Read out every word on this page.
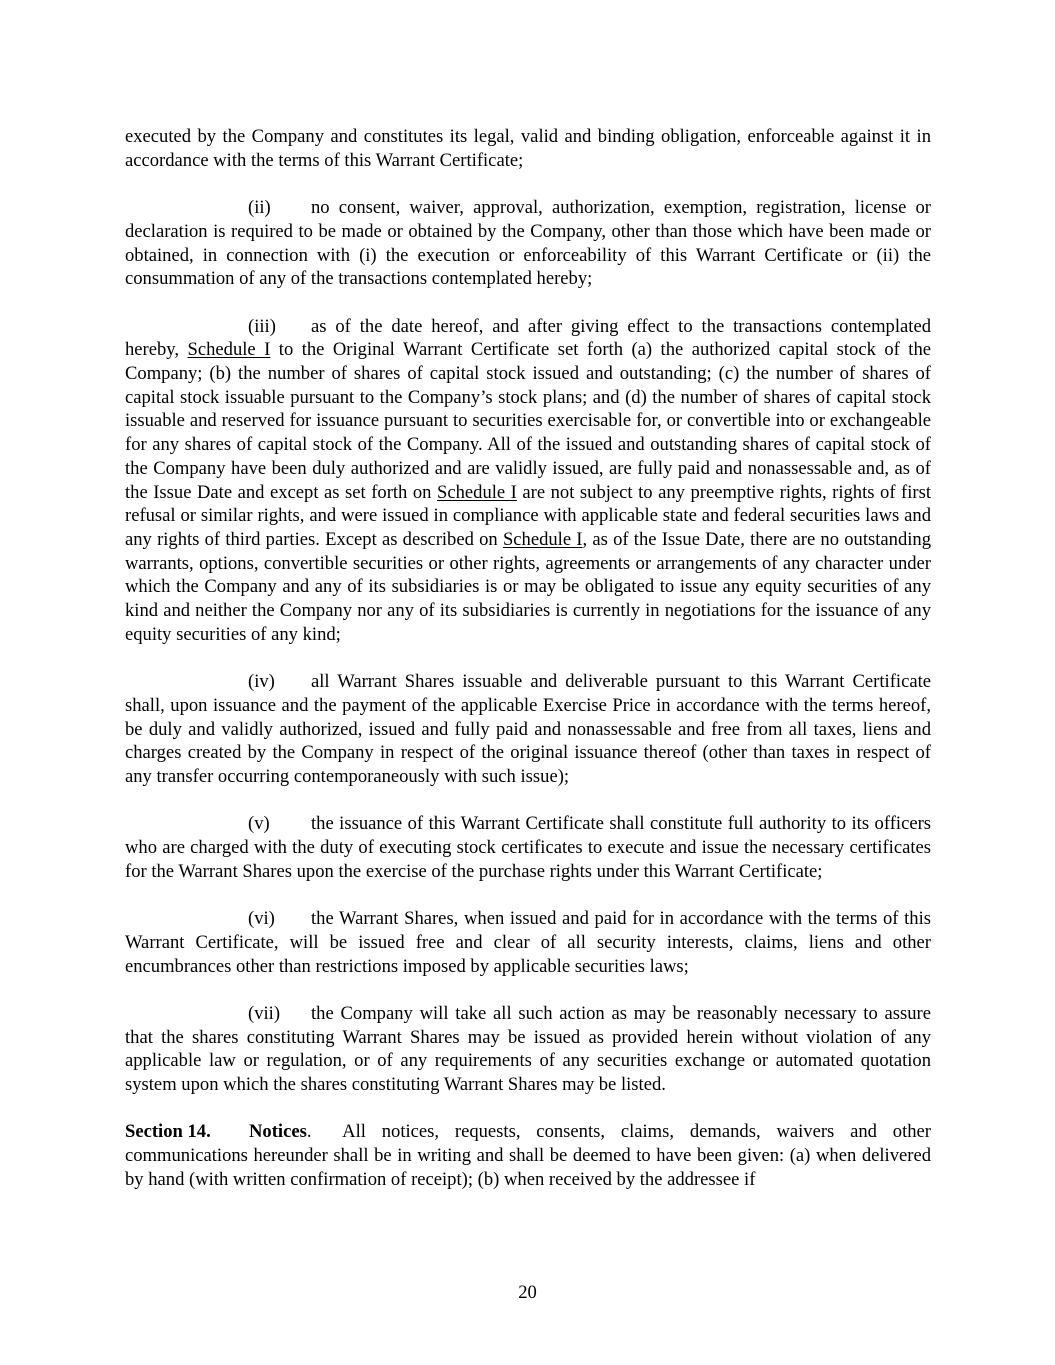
executed by the Company and constitutes its legal, valid and binding obligation, enforceable against it in accordance with the terms of this Warrant Certificate;

(ii) no consent, waiver, approval, authorization, exemption, registration, license or declaration is required to be made or obtained by the Company, other than those which have been made or obtained, in connection with (i) the execution or enforceability of this Warrant Certificate or (ii) the consummation of any of the transactions contemplated hereby;

(iii) as of the date hereof, and after giving effect to the transactions contemplated hereby, Schedule I to the Original Warrant Certificate set forth (a) the authorized capital stock of the Company; (b) the number of shares of capital stock issued and outstanding; (c) the number of shares of capital stock issuable pursuant to the Company’s stock plans; and (d) the number of shares of capital stock issuable and reserved for issuance pursuant to securities exercisable for, or convertible into or exchangeable for any shares of capital stock of the Company. All of the issued and outstanding shares of capital stock of the Company have been duly authorized and are validly issued, are fully paid and nonassessable and, as of the Issue Date and except as set forth on Schedule I are not subject to any preemptive rights, rights of first refusal or similar rights, and were issued in compliance with applicable state and federal securities laws and any rights of third parties. Except as described on Schedule I, as of the Issue Date, there are no outstanding warrants, options, convertible securities or other rights, agreements or arrangements of any character under which the Company and any of its subsidiaries is or may be obligated to issue any equity securities of any kind and neither the Company nor any of its subsidiaries is currently in negotiations for the issuance of any equity securities of any kind;

(iv) all Warrant Shares issuable and deliverable pursuant to this Warrant Certificate shall, upon issuance and the payment of the applicable Exercise Price in accordance with the terms hereof, be duly and validly authorized, issued and fully paid and nonassessable and free from all taxes, liens and charges created by the Company in respect of the original issuance thereof (other than taxes in respect of any transfer occurring contemporaneously with such issue);

(v) the issuance of this Warrant Certificate shall constitute full authority to its officers who are charged with the duty of executing stock certificates to execute and issue the necessary certificates for the Warrant Shares upon the exercise of the purchase rights under this Warrant Certificate;

(vi) the Warrant Shares, when issued and paid for in accordance with the terms of this Warrant Certificate, will be issued free and clear of all security interests, claims, liens and other encumbrances other than restrictions imposed by applicable securities laws;

(vii) the Company will take all such action as may be reasonably necessary to assure that the shares constituting Warrant Shares may be issued as provided herein without violation of any applicable law or regulation, or of any requirements of any securities exchange or automated quotation system upon which the shares constituting Warrant Shares may be listed.

Section 14. Notices. All notices, requests, consents, claims, demands, waivers and other communications hereunder shall be in writing and shall be deemed to have been given: (a) when delivered by hand (with written confirmation of receipt); (b) when received by the addressee if

20
